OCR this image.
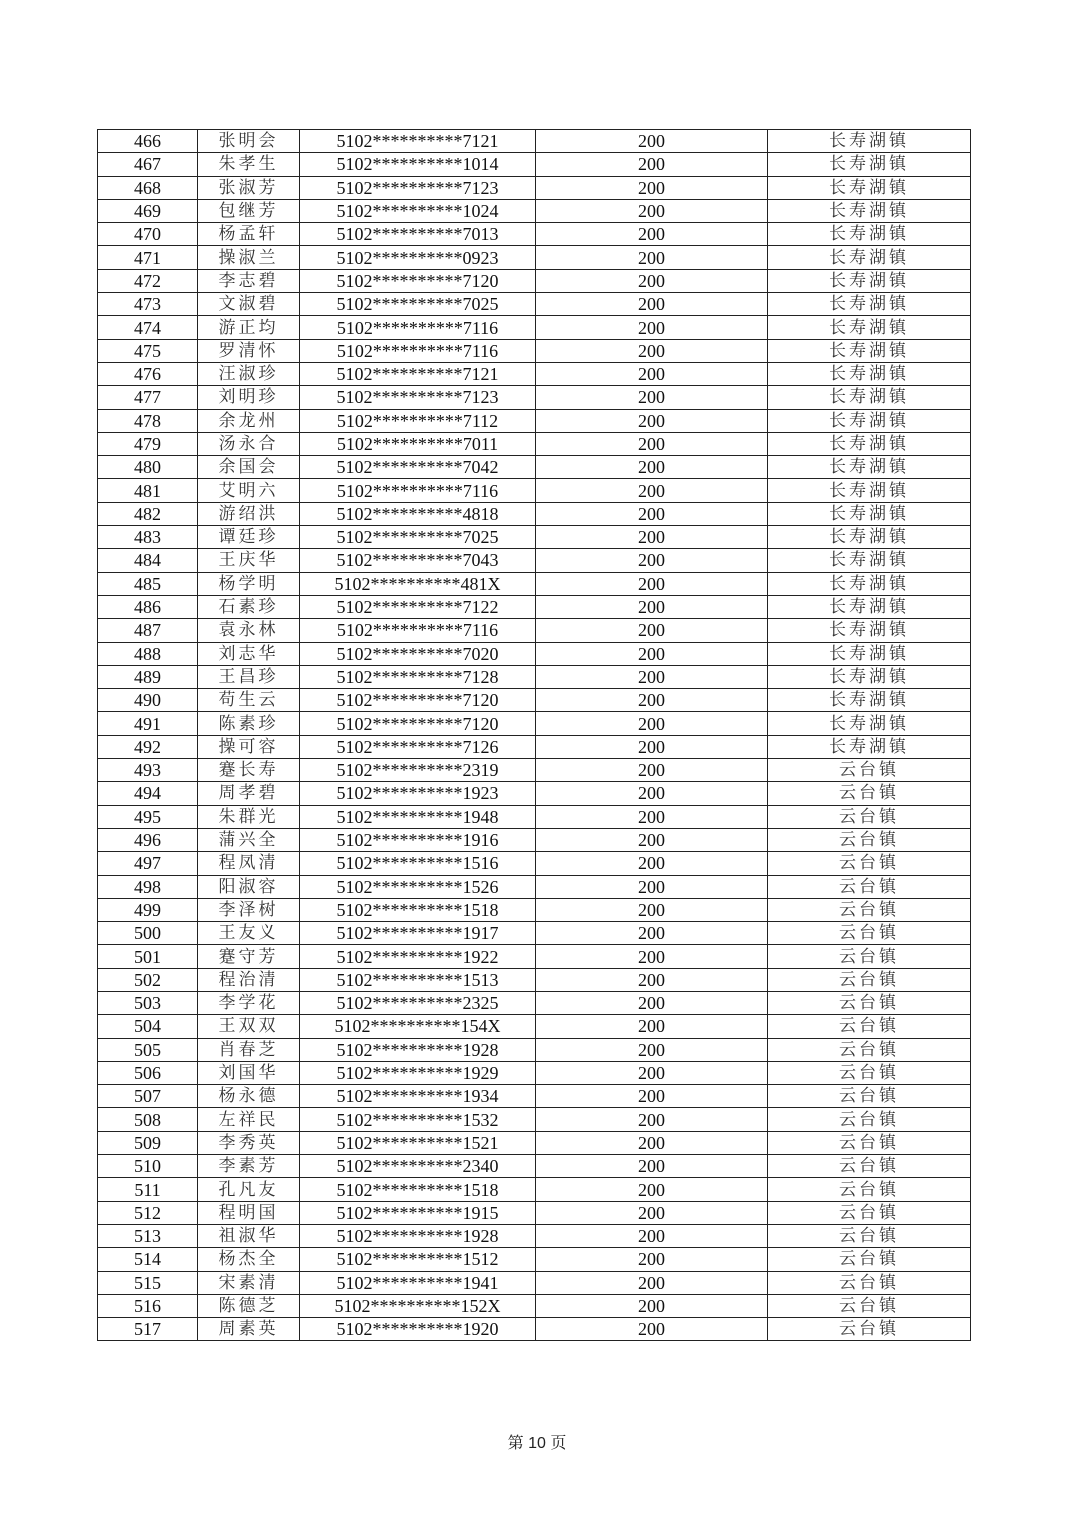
466	张明会	5102**********7121	200	长寿湖镇
467	朱孝生	5102**********1014	200	长寿湖镇
468	张淑芳	5102**********7123	200	长寿湖镇
469	包继芳	5102**********1024	200	长寿湖镇
470	杨孟轩	5102**********7013	200	长寿湖镇
471	操淑兰	5102**********0923	200	长寿湖镇
472	李志碧	5102**********7120	200	长寿湖镇
473	文淑碧	5102**********7025	200	长寿湖镇
474	游正均	5102**********7116	200	长寿湖镇
475	罗清怀	5102**********7116	200	长寿湖镇
476	汪淑珍	5102**********7121	200	长寿湖镇
477	刘明珍	5102**********7123	200	长寿湖镇
478	余龙州	5102**********7112	200	长寿湖镇
479	汤永合	5102**********7011	200	长寿湖镇
480	余国会	5102**********7042	200	长寿湖镇
481	艾明六	5102**********7116	200	长寿湖镇
482	游绍洪	5102**********4818	200	长寿湖镇
483	谭廷珍	5102**********7025	200	长寿湖镇
484	王庆华	5102**********7043	200	长寿湖镇
485	杨学明	5102**********481X	200	长寿湖镇
486	石素珍	5102**********7122	200	长寿湖镇
487	袁永林	5102**********7116	200	长寿湖镇
488	刘志华	5102**********7020	200	长寿湖镇
489	王昌珍	5102**********7128	200	长寿湖镇
490	苟生云	5102**********7120	200	长寿湖镇
491	陈素珍	5102**********7120	200	长寿湖镇
492	操可容	5102**********7126	200	长寿湖镇
493	蹇长寿	5102**********2319	200	云台镇
494	周孝碧	5102**********1923	200	云台镇
495	朱群光	5102**********1948	200	云台镇
496	蒲兴全	5102**********1916	200	云台镇
497	程凤清	5102**********1516	200	云台镇
498	阳淑容	5102**********1526	200	云台镇
499	李泽树	5102**********1518	200	云台镇
500	王友义	5102**********1917	200	云台镇
501	蹇守芳	5102**********1922	200	云台镇
502	程治清	5102**********1513	200	云台镇
503	李学花	5102**********2325	200	云台镇
504	王双双	5102**********154X	200	云台镇
505	肖春芝	5102**********1928	200	云台镇
506	刘国华	5102**********1929	200	云台镇
507	杨永德	5102**********1934	200	云台镇
508	左祥民	5102**********1532	200	云台镇
509	李秀英	5102**********1521	200	云台镇
510	李素芳	5102**********2340	200	云台镇
511	孔凡友	5102**********1518	200	云台镇
512	程明国	5102**********1915	200	云台镇
513	祖淑华	5102**********1928	200	云台镇
514	杨杰全	5102**********1512	200	云台镇
515	宋素清	5102**********1941	200	云台镇
516	陈德芝	5102**********152X	200	云台镇
517	周素英	5102**********1920	200	云台镇
第 10 页
